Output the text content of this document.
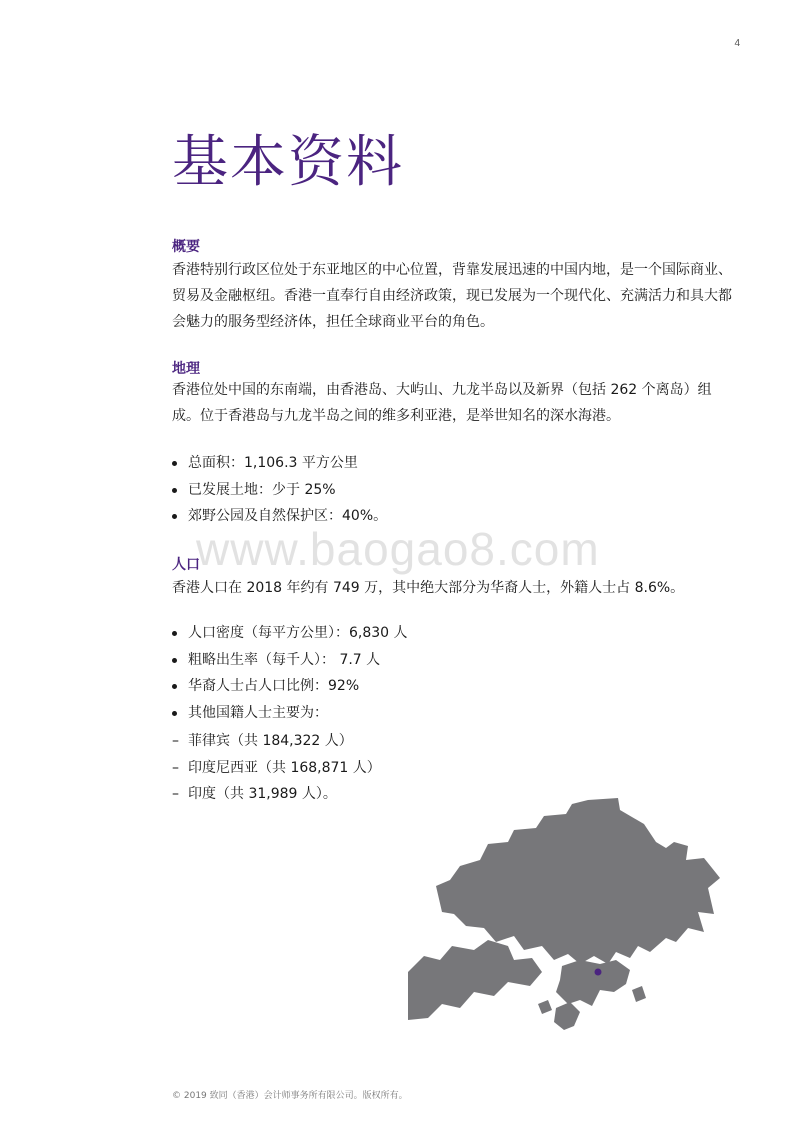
4
基本资料
概要

香港特别行政区位处于东亚地区的中心位置，背靠发展迅速的中国内地，是一个国际商业、贸易及金融枢纽。香港一直奉行自由经济政策，现已发展为一个现代化、充满活力和具大都会魅力的服务型经济体，担任全球商业平台的角色。

地理

香港位处中国的东南端，由香港岛、大屿山、九龙半岛以及新界（包括 262 个离岛）组成。位于香港岛与九龙半岛之间的维多利亚港，是举世知名的深水海港。

总面积：1,106.3 平方公里
已发展土地：少于 25%
郊野公园及自然保护区：40%。
www.baogao8.com
人口

香港人口在 2018 年约有 749 万，其中绝大部分为华裔人士，外籍人士占 8.6%。

人口密度（每平方公里）：6,830 人
粗略出生率（每千人）： 7.7 人
华裔人士占人口比例：92%
其他国籍人士主要为：
– 菲律宾（共 184,322 人）
– 印度尼西亚（共 168,871 人）
– 印度（共 31,989 人）。
© 2019 致同（香港）会计师事务所有限公司。版权所有。
